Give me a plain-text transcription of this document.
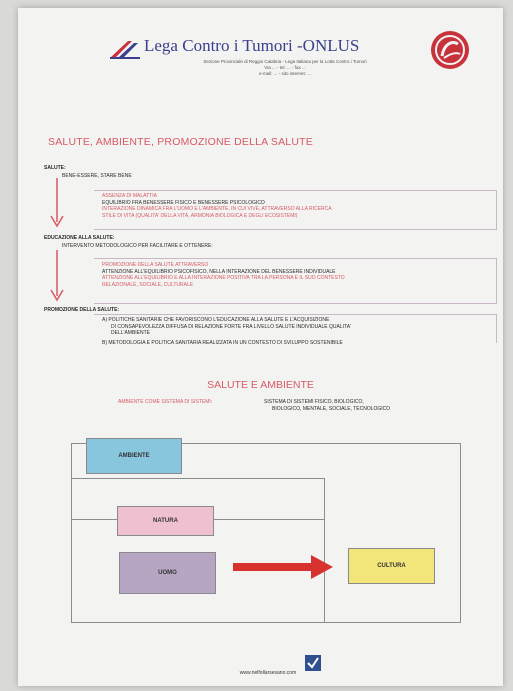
Lega Contro i Tumori -ONLUS
Sezione Provinciale di Reggio Calabria - Lega Italiana per la Lotta Contro i Tumori
Via ... - tel. ... - fax ...
e-mail: ... - sito internet: ...
SALUTE, AMBIENTE, PROMOZIONE DELLA SALUTE
SALUTE:
BENE-ESSERE, STARE BENE
ASSENZA DI MALATTIA
EQUILIBRIO FRA BENESSERE FISICO E BENESSERE PSICOLOGICO
INTERAZIONE DINAMICA FRA L'UOMO E L'AMBIENTE, IN CUI VIVE, ATTRAVERSO ALLA RICERCA
STILE DI VITA (QUALITA' DELLA VITA, ARMONIA BIOLOGICA E DEGLI ECOSISTEMI)
EDUCAZIONE ALLA SALUTE:
INTERVENTO METODOLOGICO PER FACILITARE E OTTENERE:
PROMOZIONE DELLA SALUTE ATTRAVERSO
ATTENZIONE ALL'EQUILIBRIO PSICOFISICO, NELLA INTERAZIONE DEL BENESSERE INDIVIDUALE
ATTENZIONE ALL'EQUILIBRIO E ALLA INTERAZIONE POSITIVA TRA LA PERSONA E IL SUO CONTESTO
RELAZIONALE, SOCIALE, CULTURALE
PROMOZIONE DELLA SALUTE:
A) POLITICHE SANITARIE CHE FAVORISCONO L'EDUCAZIONE ALLA SALUTE E L'ACQUISIZIONE
DI CONSAPEVOLEZZA DIFFUSA DI RELAZIONE FORTE FRA LIVELLO SALUTE INDIVIDUALE QUALITA'
DELL'AMBIENTE
B) METODOLOGIA E POLITICA SANITARIA REALIZZATA IN UN CONTESTO DI SVILUPPO SOSTENIBILE
SALUTE E AMBIENTE
AMBIENTE COME SISTEMA DI SISTEMI:	SISTEMA DI SISTEMI FISICO, BIOLOGICO,
BIOLOGICO, MENTALE, SOCIALE, TECNOLOGICO
AMBIENTE
NATURA
UOMO
CULTURA
www.nelfollarsesano.com
